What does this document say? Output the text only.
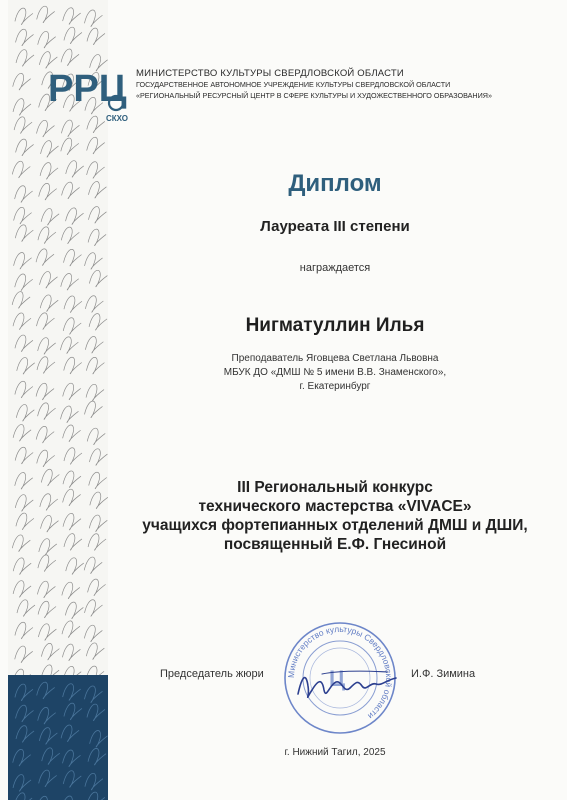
РРЦ
СКХО
МИНИСТЕРСТВО КУЛЬТУРЫ СВЕРДЛОВСКОЙ ОБЛАСТИ
ГОСУДАРСТВЕННОЕ АВТОНОМНОЕ УЧРЕЖДЕНИЕ КУЛЬТУРЫ СВЕРДЛОВСКОЙ ОБЛАСТИ
«РЕГИОНАЛЬНЫЙ РЕСУРСНЫЙ ЦЕНТР В СФЕРЕ КУЛЬТУРЫ И ХУДОЖЕСТВЕННОГО ОБРАЗОВАНИЯ»
Диплом
Лауреата III степени
награждается
Нигматуллин Илья
Преподаватель Яговцева Светлана Львовна
МБУК ДО «ДМШ № 5 имени В.В. Знаменского»,
г. Екатеринбург
III Региональный конкурс
технического мастерства «VIVACE»
учащихся фортепианных отделений ДМШ и ДШИ,
посвященный Е.Ф. Гнесиной
Министерство культуры Свердловской области
Ц
Председатель жюри	И.Ф. Зимина
г. Нижний Тагил, 2025
